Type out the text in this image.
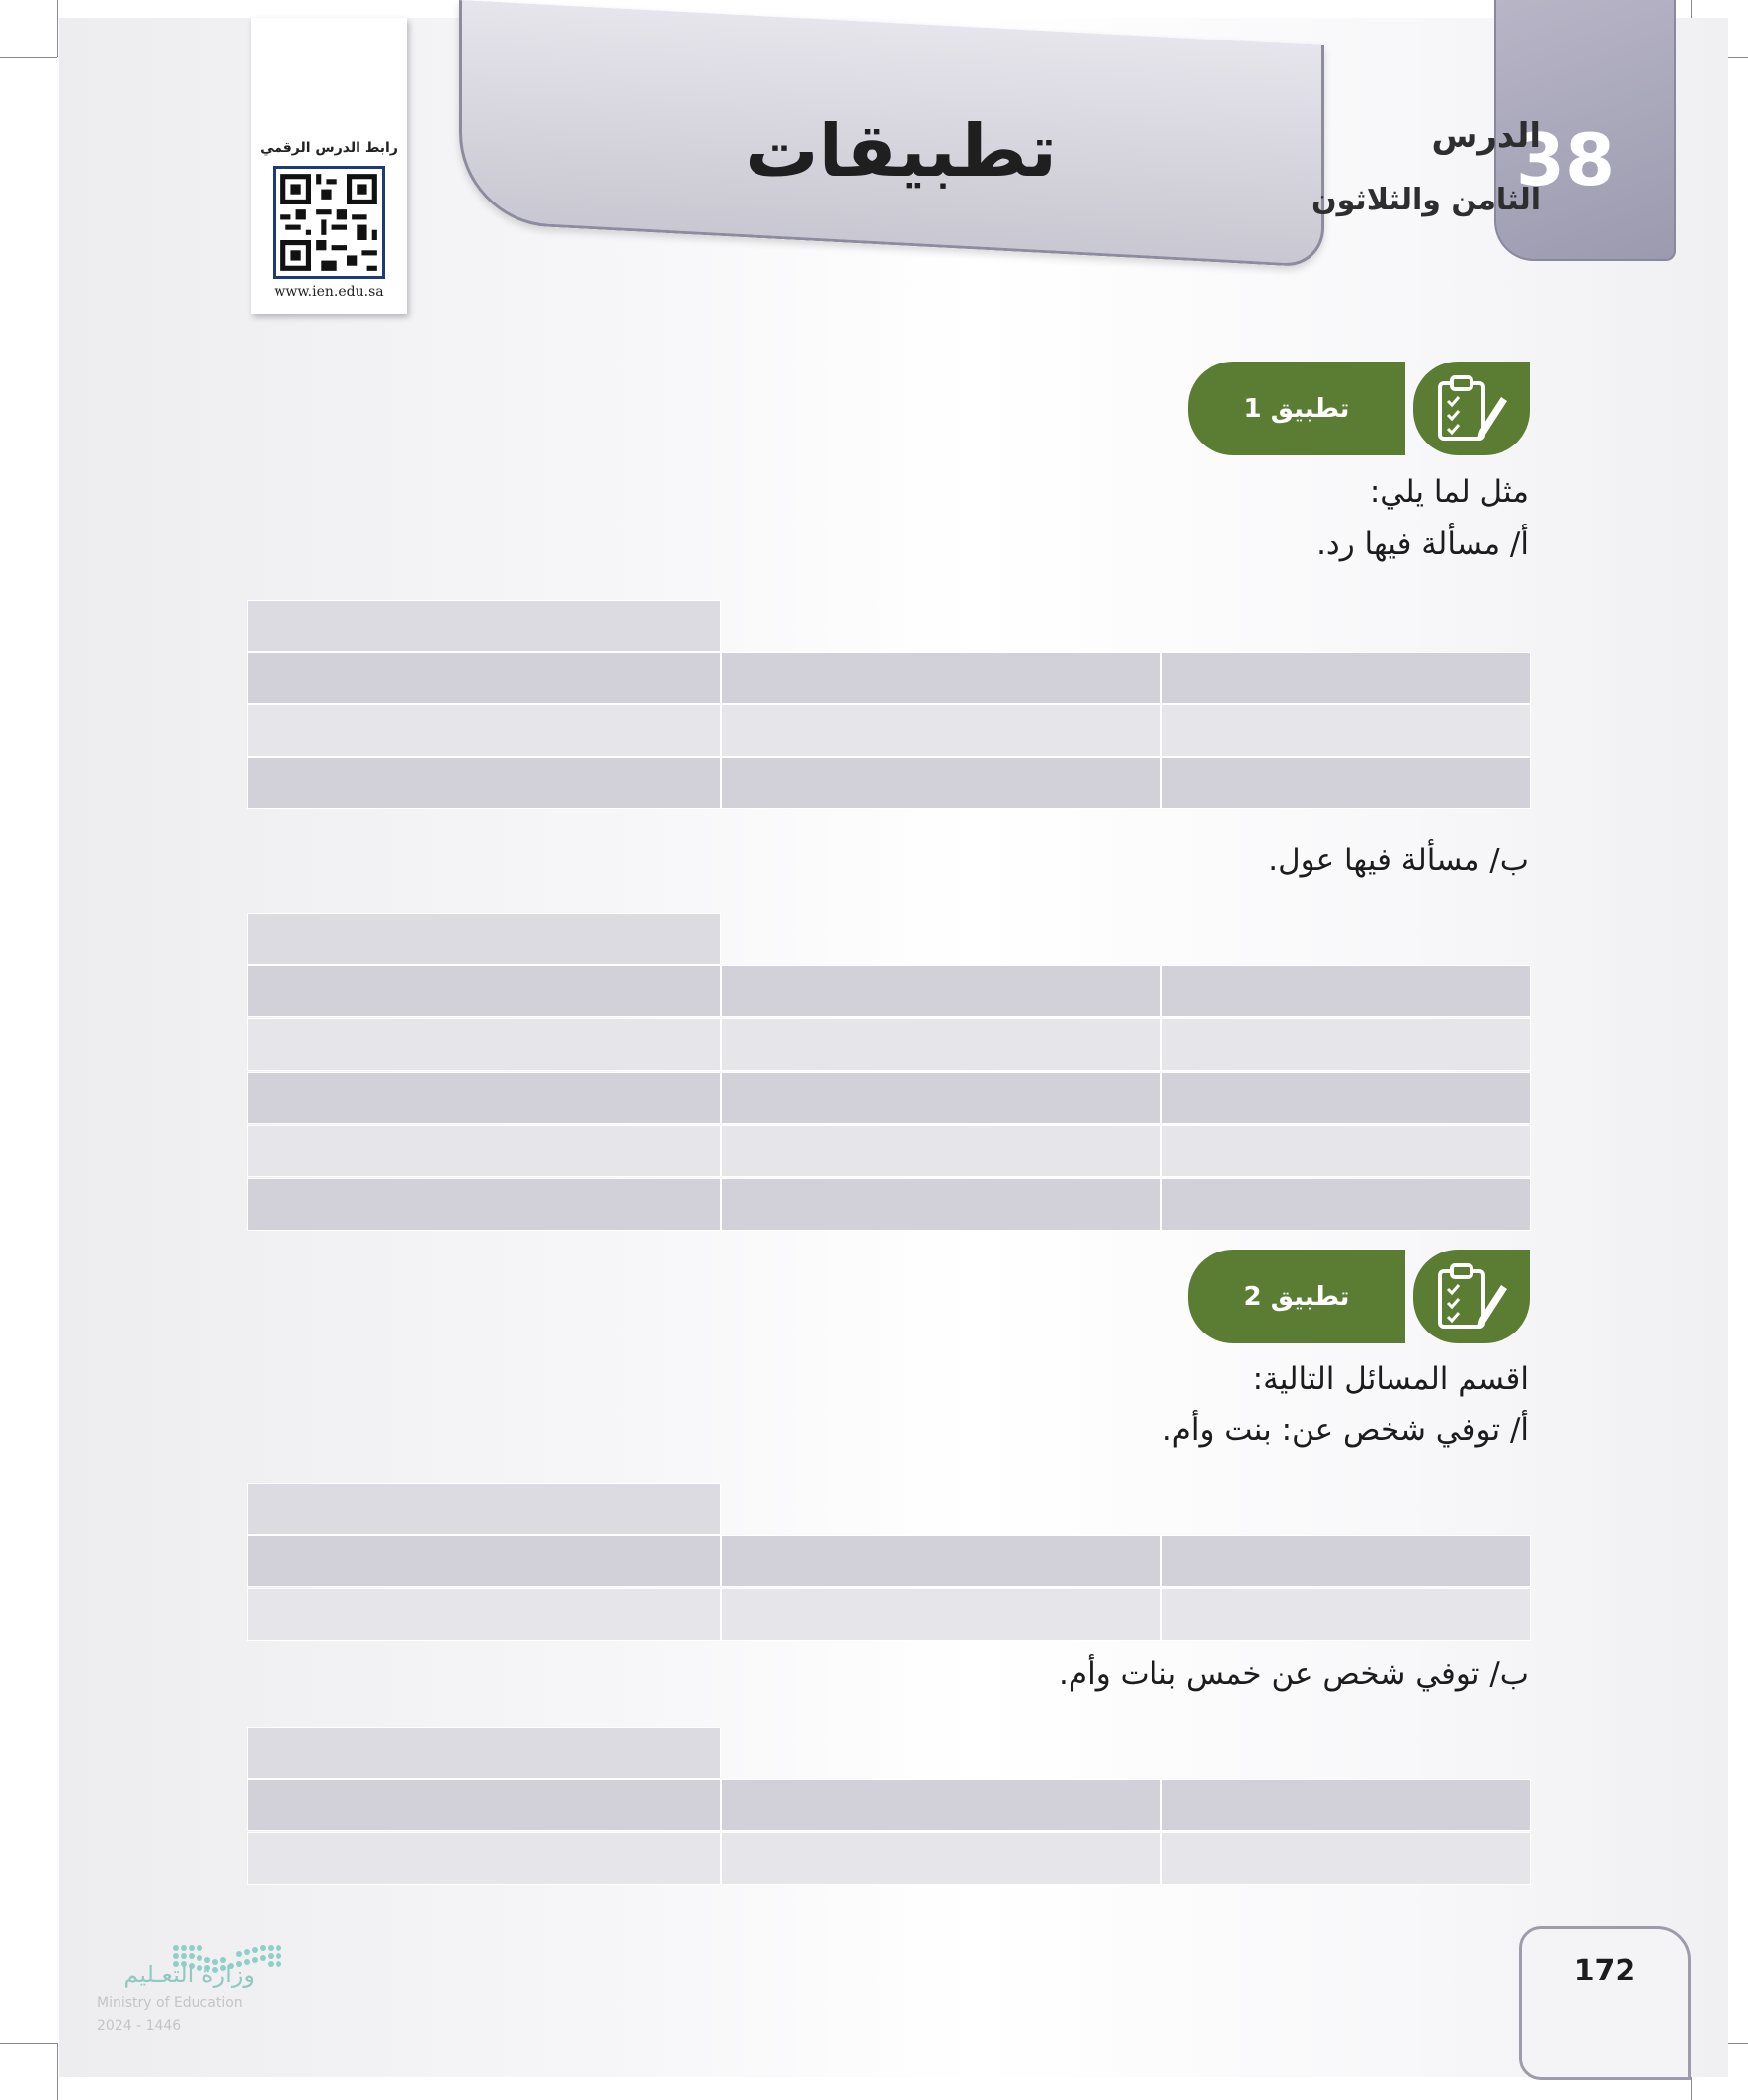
تطبيقات	38
الدرس
الثامن والثلاثون
رابط الدرس الرقمي
www.ien.edu.sa
تطبيق 1
مثل لما يلي:
أ/ مسألة فيها رد.
ب/ مسألة فيها عول.
تطبيق 2
اقسم المسائل التالية:
أ/ توفي شخص عن: بنت وأم.
ب/ توفي شخص عن خمس بنات وأم.
وزارة التعـليم
Ministry of Education
2024 - 1446
172
